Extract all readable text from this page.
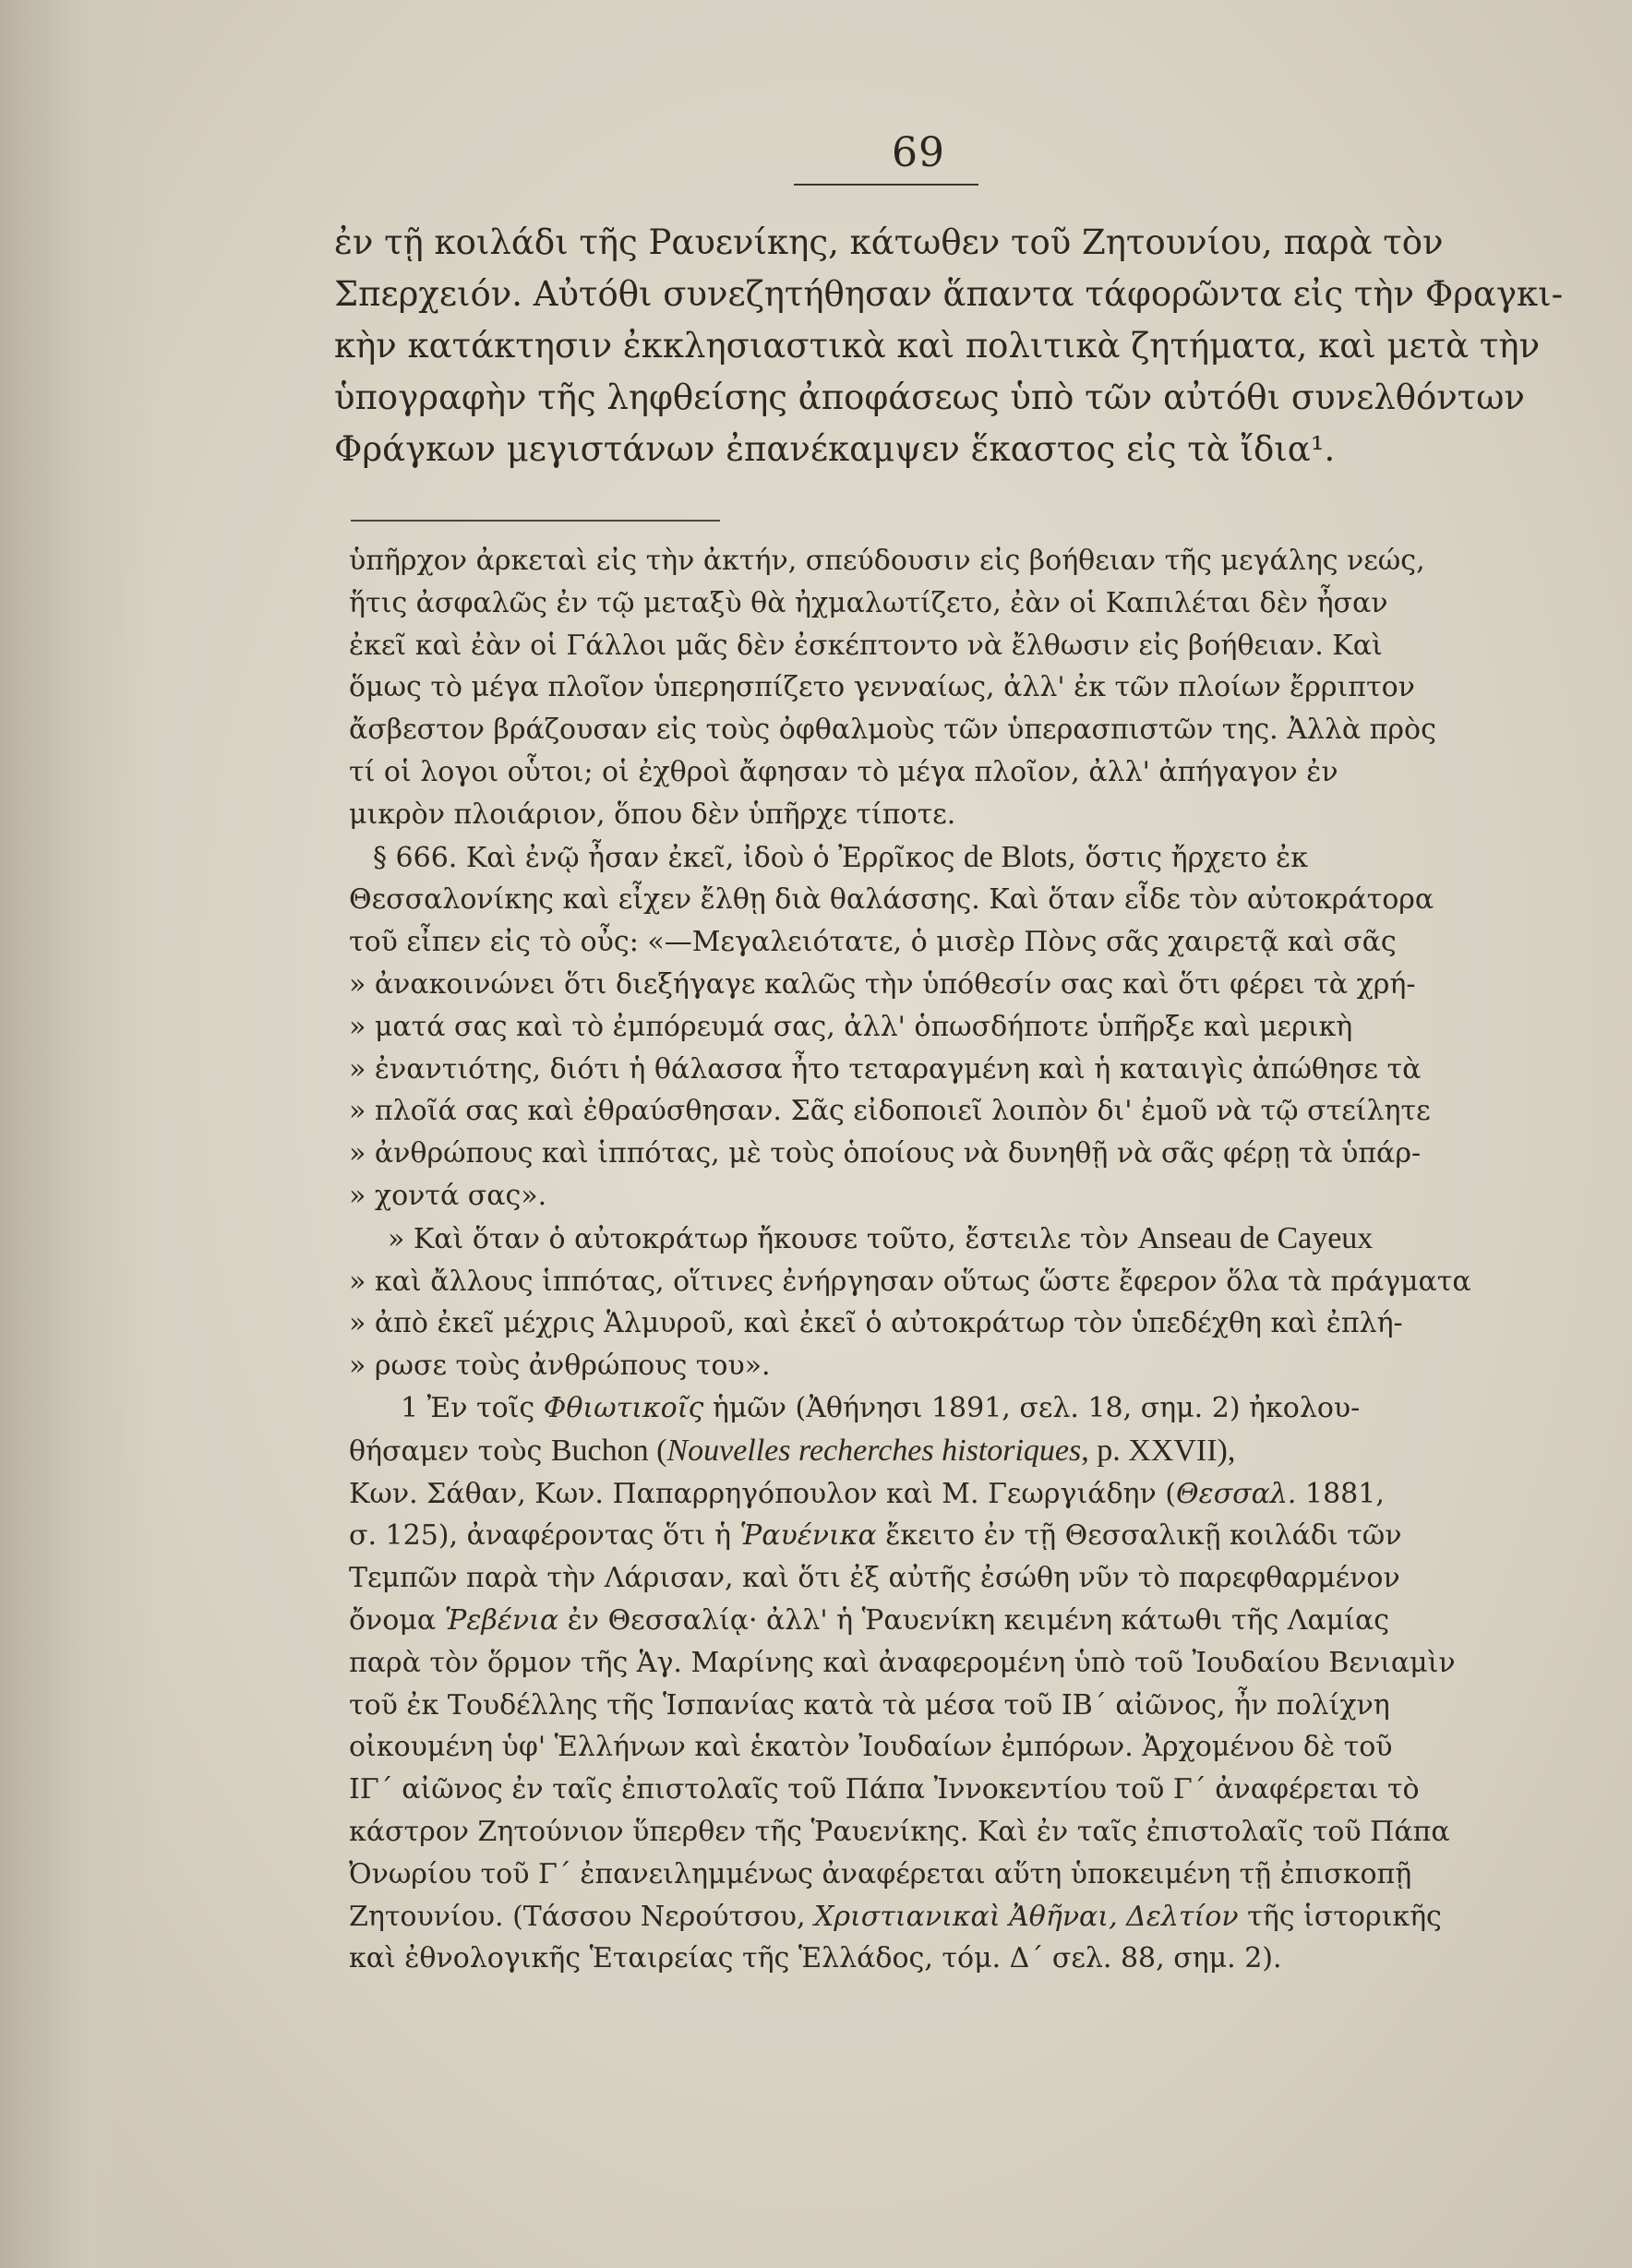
69
ἐν τῇ κοιλάδι τῆς Ραυενίκης, κάτωθεν τοῦ Ζητουνίου, παρὰ τὸν
Σπερχειόν. Αὐτόθι συνεζητήθησαν ἅπαντα τάφορῶντα εἰς τὴν Φραγκι-
κὴν κατάκτησιν ἐκκλησιαστικὰ καὶ πολιτικὰ ζητήματα, καὶ μετὰ τὴν
ὑπογραφὴν τῆς ληφθείσης ἀποφάσεως ὑπὸ τῶν αὐτόθι συνελθόντων
Φράγκων μεγιστάνων ἐπανέκαμψεν ἕκαστος εἰς τὰ ἴδια¹.
ὑπῆρχον ἀρκεταὶ εἰς τὴν ἀκτήν, σπεύδουσιν εἰς βοήθειαν τῆς μεγάλης νεώς,
ἥτις ἀσφαλῶς ἐν τῷ μεταξὺ θὰ ἠχμαλωτίζετο, ἐὰν οἱ Καπιλέται δὲν ἦσαν
ἐκεῖ καὶ ἐὰν οἱ Γάλλοι μᾶς δὲν ἐσκέπτοντο νὰ ἔλθωσιν εἰς βοήθειαν. Καὶ
ὅμως τὸ μέγα πλοῖον ὑπερησπίζετο γενναίως, ἀλλ' ἐκ τῶν πλοίων ἔρριπτον
ἄσβεστον βράζουσαν εἰς τοὺς ὀφθαλμοὺς τῶν ὑπερασπιστῶν της. Ἀλλὰ πρὸς
τί οἱ λογοι οὗτοι; οἱ ἐχθροὶ ἄφησαν τὸ μέγα πλοῖον, ἀλλ' ἀπήγαγον ἐν
μικρὸν πλοιάριον, ὅπου δὲν ὑπῆρχε τίποτε.
§ 666. Καὶ ἐνῷ ἦσαν ἐκεῖ, ἰδοὺ ὁ Ἐρρῖκος de Blots, ὅστις ἤρχετο ἐκ
Θεσσαλονίκης καὶ εἶχεν ἔλθῃ διὰ θαλάσσης. Καὶ ὅταν εἶδε τὸν αὐτοκράτορα
τοῦ εἶπεν εἰς τὸ οὖς: «—Μεγαλειότατε, ὁ μισὲρ Πὸνς σᾶς χαιρετᾷ καὶ σᾶς
» ἀνακοινώνει ὅτι διεξήγαγε καλῶς τὴν ὑπόθεσίν σας καὶ ὅτι φέρει τὰ χρή-
» ματά σας καὶ τὸ ἐμπόρευμά σας, ἀλλ' ὁπωσδήποτε ὑπῆρξε καὶ μερικὴ
» ἐναντιότης, διότι ἡ θάλασσα ἦτο τεταραγμένη καὶ ἡ καταιγὶς ἀπώθησε τὰ
» πλοῖά σας καὶ ἐθραύσθησαν. Σᾶς εἰδοποιεῖ λοιπὸν δι' ἐμοῦ νὰ τῷ στείλητε
» ἀνθρώπους καὶ ἱππότας, μὲ τοὺς ὁποίους νὰ δυνηθῇ νὰ σᾶς φέρῃ τὰ ὑπάρ-
» χοντά σας».
» Καὶ ὅταν ὁ αὐτοκράτωρ ἤκουσε τοῦτο, ἔστειλε τὸν Anseau de Cayeux
» καὶ ἄλλους ἱππότας, οἵτινες ἐνήργησαν οὕτως ὥστε ἔφερον ὅλα τὰ πράγματα
» ἀπὸ ἐκεῖ μέχρις Ἁλμυροῦ, καὶ ἐκεῖ ὁ αὐτοκράτωρ τὸν ὑπεδέχθη καὶ ἐπλή-
» ρωσε τοὺς ἀνθρώπους του».
1 Ἐν τοῖς Φθιωτικοῖς ἡμῶν (Ἀθήνησι 1891, σελ. 18, σημ. 2) ἠκολου-
θήσαμεν τοὺς Buchon (Nouvelles recherches historiques, p. XXVII),
Κων. Σάθαν, Κων. Παπαρρηγόπουλον καὶ Μ. Γεωργιάδην (Θεσσαλ. 1881,
σ. 125), ἀναφέροντας ὅτι ἡ Ῥαυένικα ἔκειτο ἐν τῇ Θεσσαλικῇ κοιλάδι τῶν
Τεμπῶν παρὰ τὴν Λάρισαν, καὶ ὅτι ἐξ αὐτῆς ἐσώθη νῦν τὸ παρεφθαρμένον
ὄνομα Ῥεβένια ἐν Θεσσαλίᾳ· ἀλλ' ἡ Ῥαυενίκη κειμένη κάτωθι τῆς Λαμίας
παρὰ τὸν ὅρμον τῆς Ἁγ. Μαρίνης καὶ ἀναφερομένη ὑπὸ τοῦ Ἰουδαίου Βενιαμὶν
τοῦ ἐκ Τουδέλλης τῆς Ἱσπανίας κατὰ τὰ μέσα τοῦ ΙΒ΄ αἰῶνος, ἦν πολίχνη
οἰκουμένη ὑφ' Ἑλλήνων καὶ ἑκατὸν Ἰουδαίων ἐμπόρων. Ἀρχομένου δὲ τοῦ
ΙΓ΄ αἰῶνος ἐν ταῖς ἐπιστολαῖς τοῦ Πάπα Ἰννοκεντίου τοῦ Γ΄ ἀναφέρεται τὸ
κάστρον Ζητούνιον ὕπερθεν τῆς Ῥαυενίκης. Καὶ ἐν ταῖς ἐπιστολαῖς τοῦ Πάπα
Ὀνωρίου τοῦ Γ΄ ἐπανειλημμένως ἀναφέρεται αὕτη ὑποκειμένη τῇ ἐπισκοπῇ
Ζητουνίου. (Τάσσου Νερούτσου, Χριστιανικαὶ Ἀθῆναι, Δελτίον τῆς ἱστορικῆς
καὶ ἐθνολογικῆς Ἑταιρείας τῆς Ἑλλάδος, τόμ. Δ΄ σελ. 88, σημ. 2).
